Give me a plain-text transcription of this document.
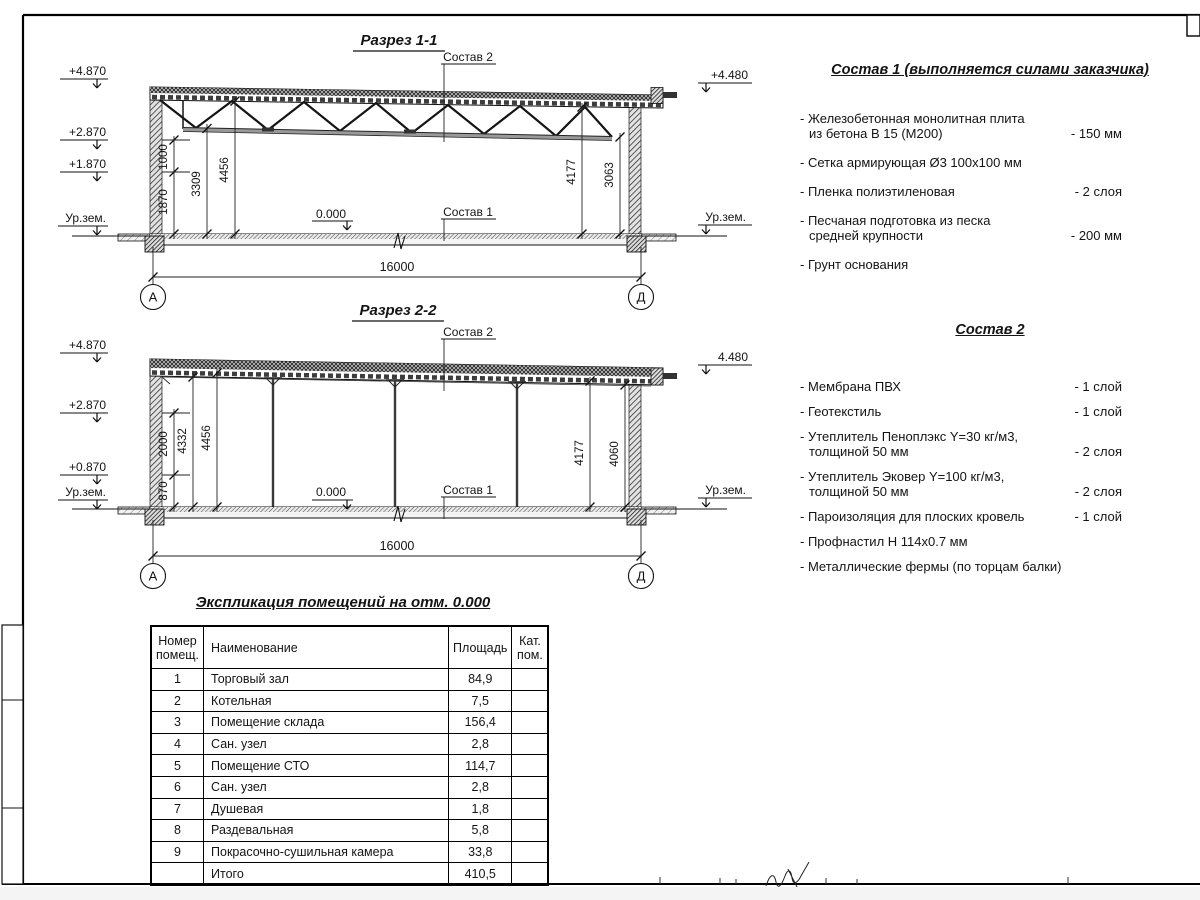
Разрез 1-1
+4.870
+2.870
+1.870
Ур.зем.
+4.480
Ур.зем.
1870
1000
3309
4456	4177 3063
0.000	Состав 1
Состав 2
16000
А	Д
Разрез 2-2
+4.870
+2.870
+0.870
Ур.зем.
4.480
Ур.зем.
870
2000 4332 4456
4177 4060
0.000	Состав 1
Состав 2
16000
А	Д
Состав 1 (выполняется силами заказчика)
- Железобетонная монолитная плита
из бетона В 15 (М200)	- 150 мм
- Сетка армирующая Ø3 100х100 мм
- Пленка полиэтиленовая	- 2 слоя
- Песчаная подготовка из песка
средней крупности	- 200 мм
- Грунт основания
Состав 2
- Мембрана ПВХ	- 1 слой
- Геотекстиль	- 1 слой
- Утеплитель Пеноплэкс Y=30 кг/м3,
толщиной 50 мм	- 2 слоя
- Утеплитель Эковер Y=100 кг/м3,
толщиной 50 мм	- 2 слоя
- Пароизоляция для плоских кровель	- 1 слой
- Профнастил Н 114х0.7 мм
- Металлические фермы (по торцам балки)
Экспликация помещений на отм. 0.000
Номер помещ.	Наименование	Площадь	Кат. пом.
1	Торговый зал	84,9	
2	Котельная	7,5	
3	Помещение склада	156,4	
4	Сан. узел	2,8	
5	Помещение СТО	114,7	
6	Сан. узел	2,8	
7	Душевая	1,8	
8	Раздевальная	5,8	
9	Покрасочно-сушильная камера	33,8	
	Итого	410,5	
